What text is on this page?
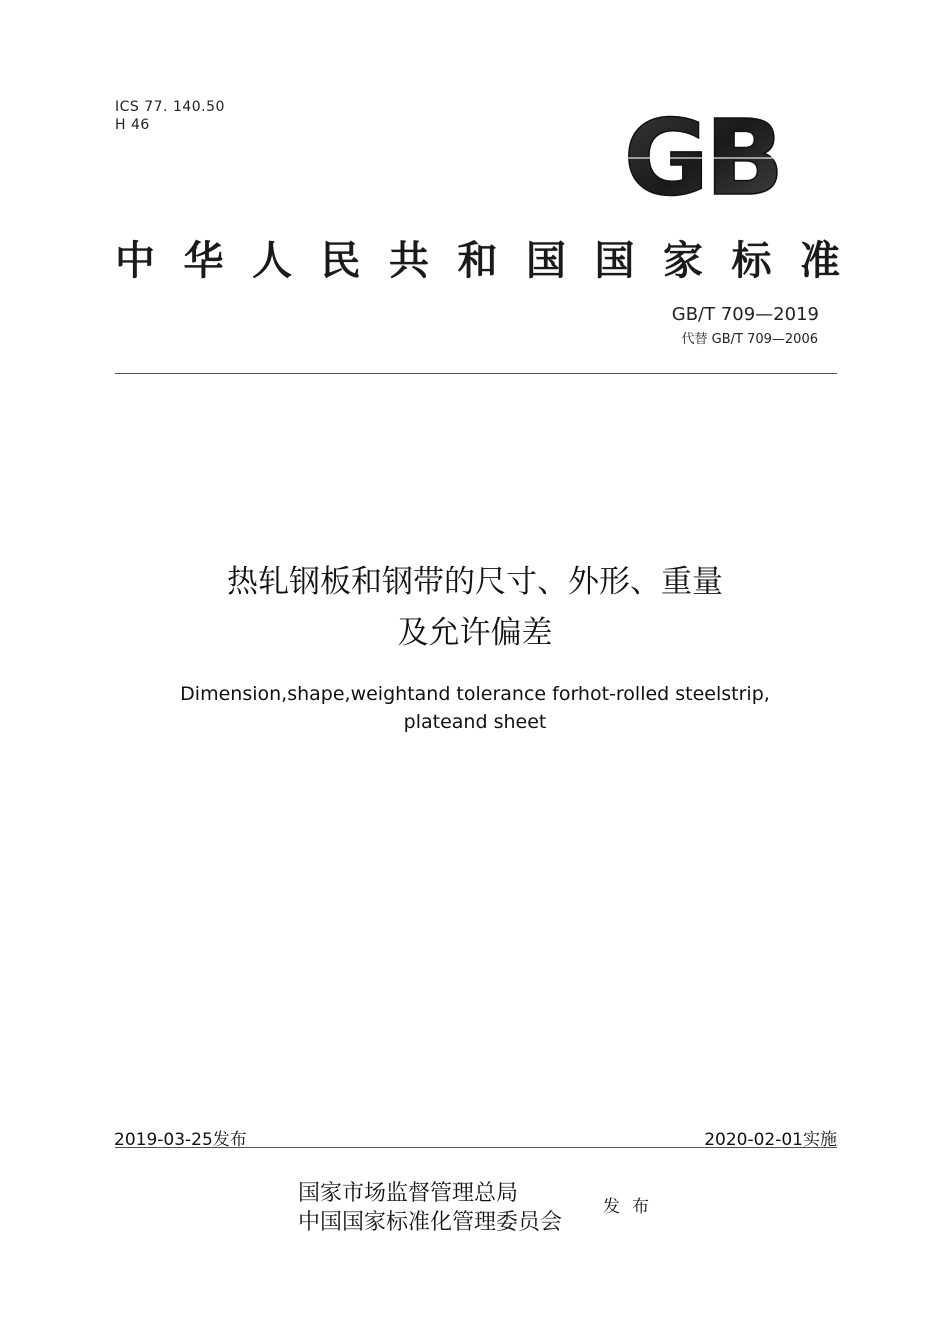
ICS 77. 140.50
H 46	GB
中 华 人 民 共 和 国 国 家 标 准
GB/T 709—2019
代替 GB/T 709—2006
热轧钢板和钢带的尺寸、外形、重量
及允许偏差
Dimension,shape,weightand tolerance forhot-rolled steelstrip,
plateand sheet
2019-03-25发布	2020-02-01实施
国家市场监督管理总局
中国国家标准化管理委员会
发布
